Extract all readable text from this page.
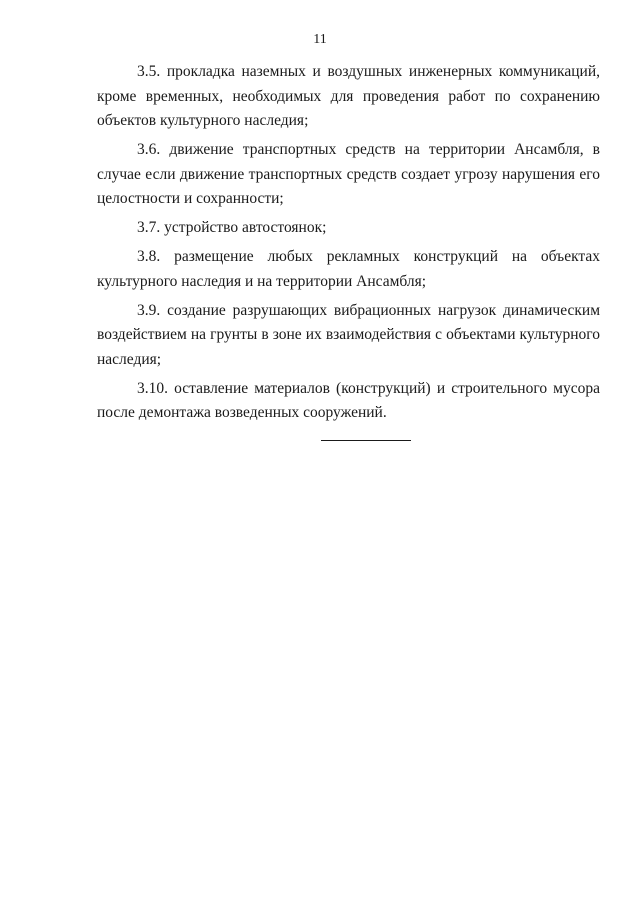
11

3.5. прокладка наземных и воздушных инженерных коммуникаций, кроме временных, необходимых для проведения работ по сохранению объектов культурного наследия;

3.6. движение транспортных средств на территории Ансамбля, в случае если движение транспортных средств создает угрозу нарушения его целостности и сохранности;

3.7. устройство автостоянок;

3.8. размещение любых рекламных конструкций на объектах культурного наследия и на территории Ансамбля;

3.9. создание разрушающих вибрационных нагрузок динамическим воздействием на грунты в зоне их взаимодействия с объектами культурного наследия;

3.10. оставление материалов (конструкций) и строительного мусора после демонтажа возведенных сооружений.
